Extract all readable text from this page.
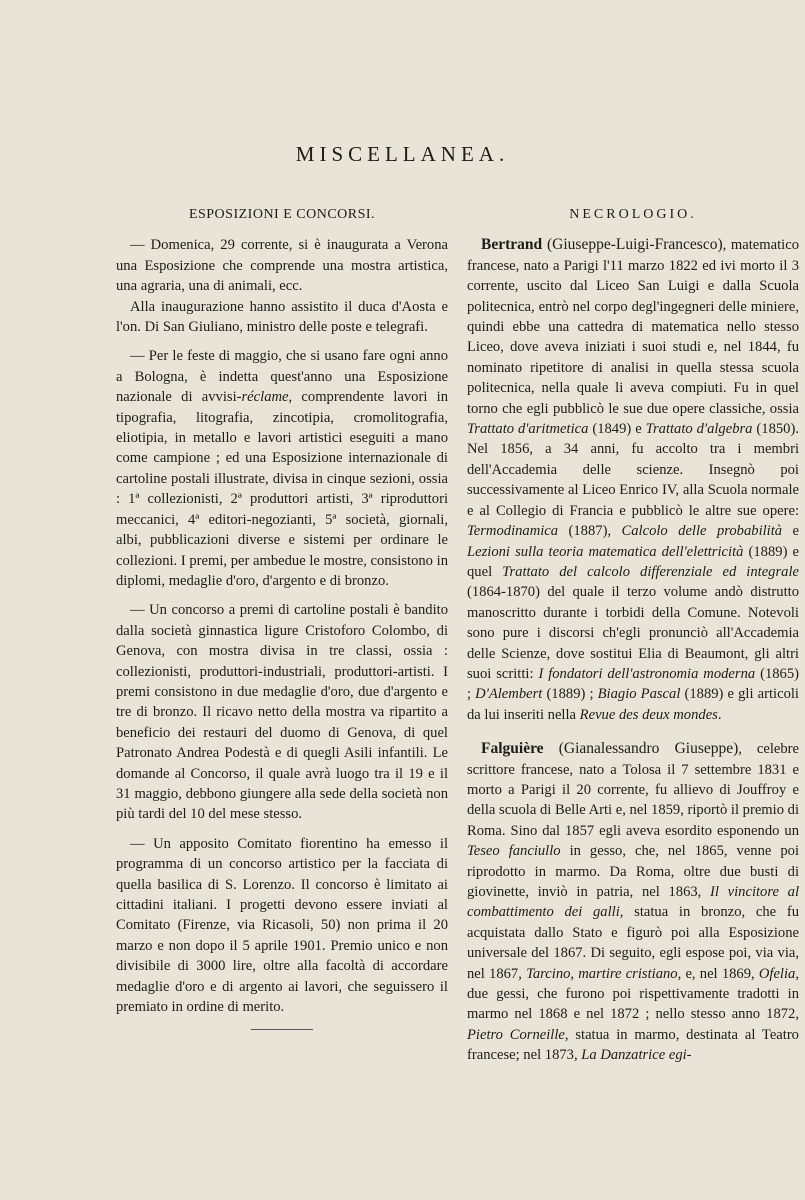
MISCELLANEA.
ESPOSIZIONI E CONCORSI.

— Domenica, 29 corrente, si è inaugurata a Verona una Esposizione che comprende una mostra artistica, una agraria, una di animali, ecc.

Alla inaugurazione hanno assistito il duca d'Aosta e l'on. Di San Giuliano, ministro delle poste e telegrafi.

— Per le feste di maggio, che si usano fare ogni anno a Bologna, è indetta quest'anno una Esposizione nazionale di avvisi-réclame, comprendente lavori in tipografia, litografia, zincotipia, cromolitografia, eliotipia, in metallo e lavori artistici eseguiti a mano come campione ; ed una Esposizione internazionale di cartoline postali illustrate, divisa in cinque sezioni, ossia : 1ª collezionisti, 2ª produttori artisti, 3ª riproduttori meccanici, 4ª editori-negozianti, 5ª società, giornali, albi, pubblicazioni diverse e sistemi per ordinare le collezioni. I premi, per ambedue le mostre, consistono in diplomi, medaglie d'oro, d'argento e di bronzo.

— Un concorso a premi di cartoline postali è bandito dalla società ginnastica ligure Cristoforo Colombo, di Genova, con mostra divisa in tre classi, ossia : collezionisti, produttori-industriali, produttori-artisti. I premi consistono in due medaglie d'oro, due d'argento e tre di bronzo. Il ricavo netto della mostra va ripartito a beneficio dei restauri del duomo di Genova, di quel Patronato Andrea Podestà e di quegli Asili infantili. Le domande al Concorso, il quale avrà luogo tra il 19 e il 31 maggio, debbono giungere alla sede della società non più tardi del 10 del mese stesso.

— Un apposito Comitato fiorentino ha emesso il programma di un concorso artistico per la facciata di quella basilica di S. Lorenzo. Il concorso è limitato ai cittadini italiani. I progetti devono essere inviati al Comitato (Firenze, via Ricasoli, 50) non prima il 20 marzo e non dopo il 5 aprile 1901. Premio unico e non divisibile di 3000 lire, oltre alla facoltà di accordare medaglie d'oro e di argento ai lavori, che seguissero il premiato in ordine di merito.

NECROLOGIO.

Bertrand (Giuseppe-Luigi-Francesco), matematico francese, nato a Parigi l'11 marzo 1822 ed ivi morto il 3 corrente, uscito dal Liceo San Luigi e dalla Scuola politecnica, entrò nel corpo degl'ingegneri delle miniere, quindi ebbe una cattedra di matematica nello stesso Liceo, dove aveva iniziati i suoi studi e, nel 1844, fu nominato ripetitore di analisi in quella stessa scuola politecnica, nella quale li aveva compiuti. Fu in quel torno che egli pubblicò le sue due opere classiche, ossia Trattato d'aritmetica (1849) e Trattato d'algebra (1850). Nel 1856, a 34 anni, fu accolto tra i membri dell'Accademia delle scienze. Insegnò poi successivamente al Liceo Enrico IV, alla Scuola normale e al Collegio di Francia e pubblicò le altre sue opere: Termodinamica (1887), Calcolo delle probabilità e Lezioni sulla teoria matematica dell'elettricità (1889) e quel Trattato del calcolo differenziale ed integrale (1864-1870) del quale il terzo volume andò distrutto manoscritto durante i torbidi della Comune. Notevoli sono pure i discorsi ch'egli pronunciò all'Accademia delle Scienze, dove sostitui Elia di Beaumont, gli altri suoi scritti: I fondatori dell'astronomia moderna (1865) ; D'Alembert (1889) ; Biagio Pascal (1889) e gli articoli da lui inseriti nella Revue des deux mondes.

Falguière (Gianalessandro Giuseppe), celebre scrittore francese, nato a Tolosa il 7 settembre 1831 e morto a Parigi il 20 corrente, fu allievo di Jouffroy e della scuola di Belle Arti e, nel 1859, riportò il premio di Roma. Sino dal 1857 egli aveva esordito esponendo un Teseo fanciullo in gesso, che, nel 1865, venne poi riprodotto in marmo. Da Roma, oltre due busti di giovinette, inviò in patria, nel 1863, Il vincitore al combattimento dei galli, statua in bronzo, che fu acquistata dallo Stato e figurò poi alla Esposizione universale del 1867. Di seguito, egli espose poi, via via, nel 1867, Tarcino, martire cristiano, e, nel 1869, Ofelia, due gessi, che furono poi rispettivamente tradotti in marmo nel 1868 e nel 1872 ; nello stesso anno 1872, Pietro Corneille, statua in marmo, destinata al Teatro francese; nel 1873, La Danzatrice egi-
